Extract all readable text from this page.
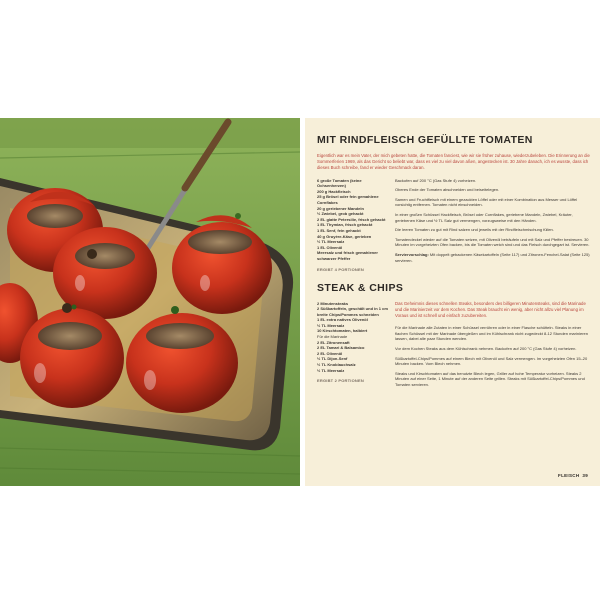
MIT RINDFLEISCH GEFÜLLTE TOMATEN
Eigentlich war es mein Vater, der mich gebeten hatte, die Tomaten fanciest, wie wir sie früher zuhause, wiederzubeleben. Die Erinnerung an die Sommerferien 1969, als das Gericht so beliebt war, dass es viel zu viel davon aßen, angestecken ist. 30 Jahre danach, ich es wusste, dass ich dieses Buch schreibe, fand er wieder Geschmack daran.
6 große Tomaten (keine Ochsenherzen)
200 g Hackfleisch
25 g Brösel oder fein gemahlene Cornflakes
20 g geriebener Mandeln
½ Zwiebel, grob gehackt
2 EL glatte Petersilie, frisch gehackt
1 EL Thymian, frisch gehackt
1 EL Senf, fein gehackt
40 g Gruyère-Käse, gerieben
½ TL Meersalz
1 EL Olivenöl
Meersalz und frisch gemahlener schwarzer Pfeffer
ERGIBT 4 PORTIONEN
Backofen auf 200 °C (Gas Stufe 4) vorheizen.
Oberes Ende der Tomaten abschneiden und beiseitelegen.
Samen und Fruchtfleisch mit einem gezackten Löffel oder mit einer Kombination aus Messer und Löffel vorsichtig entfernen. Tomaten nicht einschneiden.
In einer großen Schüssel Hackfleisch, Brösel oder Cornflakes, geriebene Mandeln, Zwiebel, Kräuter, geriebenen Käse und ½ TL Salz gut vermengen, vorzugsweise mit den Händen.
Die leeren Tomaten zu gut mit Rind salzen und jeweils mit der Rindfleischmischung füllen.
Tomatendeckel wieder auf die Tomaten setzen, mit Olivenöl beträufeln und mit Salz und Pfeffer bestreuen. 30 Minuten im vorgeheizten Ofen backen, bis die Tomaten weich sind und das Fleisch durchgegart ist. Servieren.
Serviervorschlag: Mit doppelt gebackenen Käsekartoffeln (Seite 117) und Zitronen-Fenchel-Salat (Seite 125) servieren.
STEAK & CHIPS
2 Minutensteaks
2 Süßkartoffeln, geschält und in 1 cm breite Chips/Pommes schneiden
1 EL extra natives Olivenöl
½ TL Meersalz
10 Kirschtomaten, halbiert
Für die Marinade
2 EL Zitronensaft
2 EL Tamari & Balsamico
2 EL Olivenöl
½ TL Dijon-Senf
½ TL Knoblauchsalz
½ TL Meersalz
ERGIBT 2 PORTIONEN
Das Geheimnis dieses schnellen Steaks, besonders des billigeren Minutensteaks, sind die Marinade und die Marinierzeit vor dem Kochen. Das Steak braucht ein wenig, aber nicht allzu viel Planung im Voraus und ist schnell und einfach zuzubereiten.
Für die Marinade alle Zutaten in einer Schüssel verrühren oder in einer Flasche schütteln. Steaks in einer flachen Schüssel mit der Marinade übergießen und im Kühlschrank nicht zugedeckt 8-12 Stunden marinieren lassen, dabei alle paar Stunden wenden.
Vor dem Kochen Steaks aus dem Kühlschrank nehmen. Backofen auf 200 °C (Gas Stufe 4) vorheizen.
Süßkartoffel-Chips/Pommes auf einem Blech mit Olivenöl und Salz vermengen. Im vorgeheizten Ofen 15–20 Minuten backen. Vom Blech nehmen.
Steaks und Kirschtomaten auf das benutzte Blech legen, Griller auf hohe Temperatur vorheizen. Steaks 2 Minuten auf einer Seite, 1 Minute auf der anderen Seite grillen. Steaks mit Süßkartoffel-Chips/Pommes und Tomaten servieren.
FLEISCH 39
